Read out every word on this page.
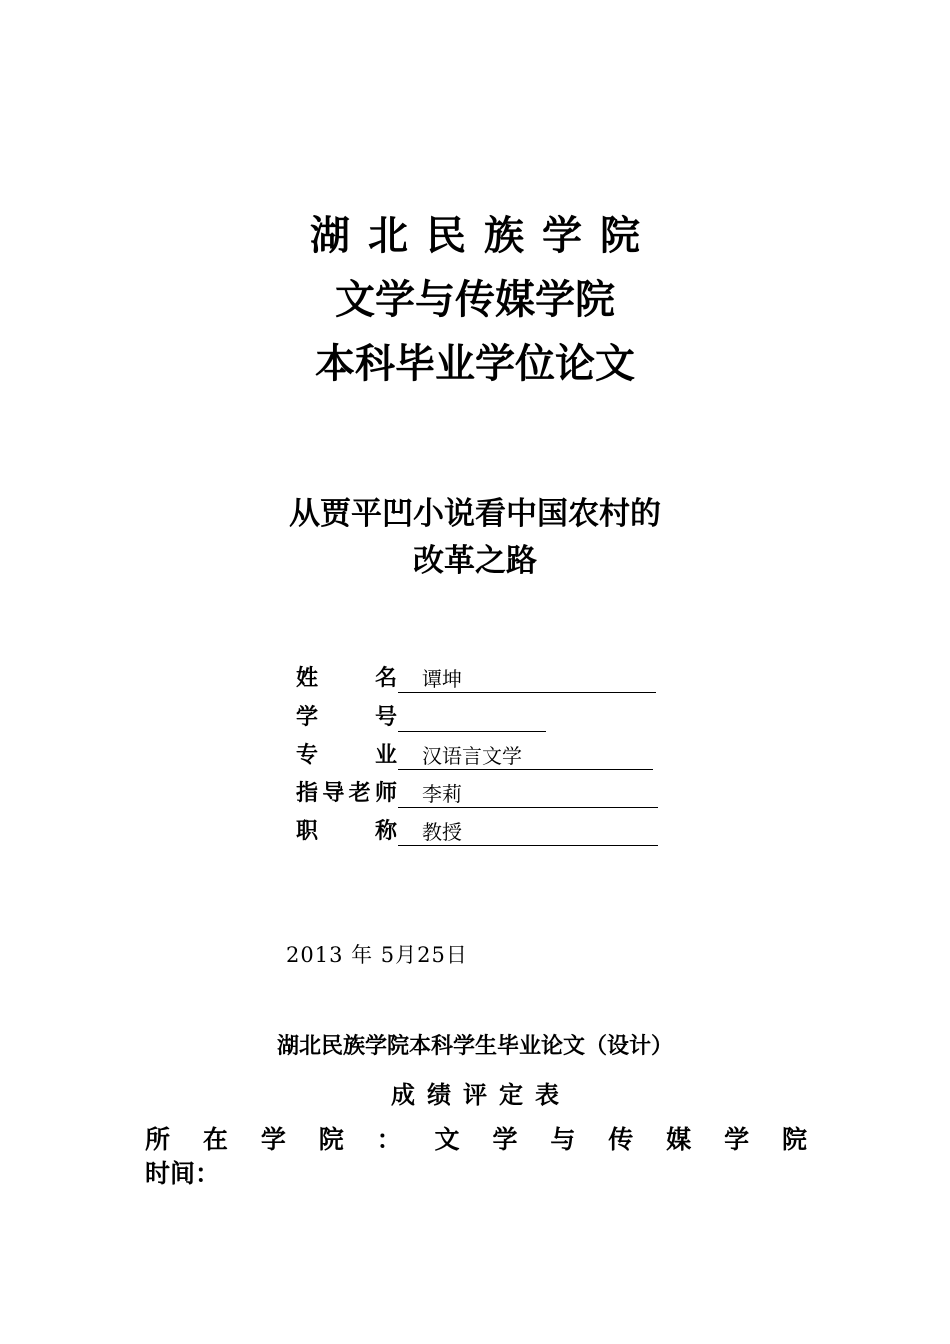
湖北民族学院
文学与传媒学院
本科毕业学位论文
从贾平凹小说看中国农村的
改革之路
姓	名 谭坤
学	号
专	业 汉语言文学
指 导 老 师 李莉
职	称 教授
2013 年 5月25日
湖北民族学院本科学生毕业论文（设计）
成绩评定表
所 在 学 院 ： 文 学 与 传 媒 学 院
时间：
